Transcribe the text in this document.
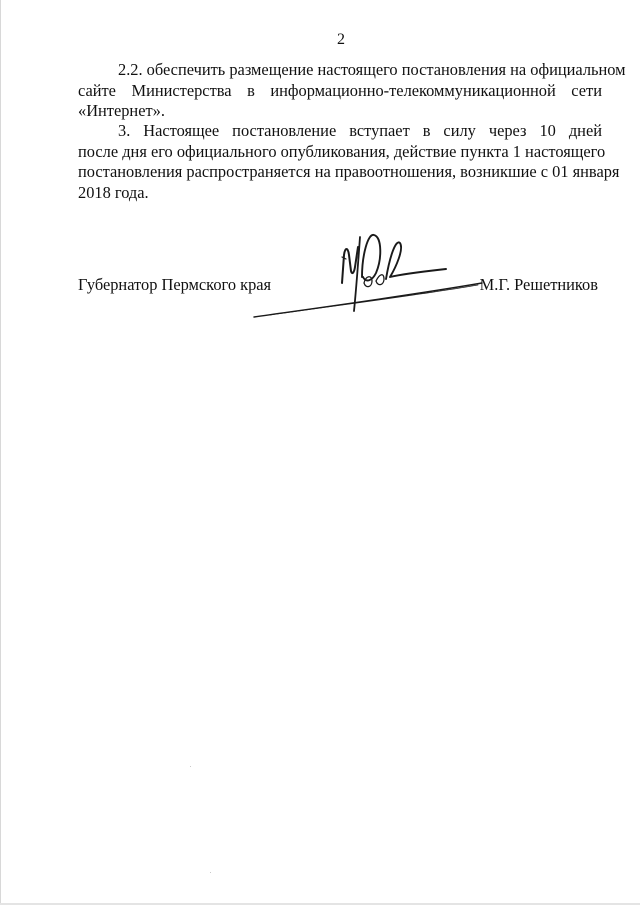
2
2.2. обеспечить размещение настоящего постановления на официальном
сайте Министерства в информационно-телекоммуникационной сети
«Интернет».
3. Настоящее постановление вступает в силу через 10 дней
после дня его официального опубликования, действие пункта 1 настоящего
постановления распространяется на правоотношения, возникшие с 01 января
2018 года.
Губернатор Пермского края	М.Г. Решетников
